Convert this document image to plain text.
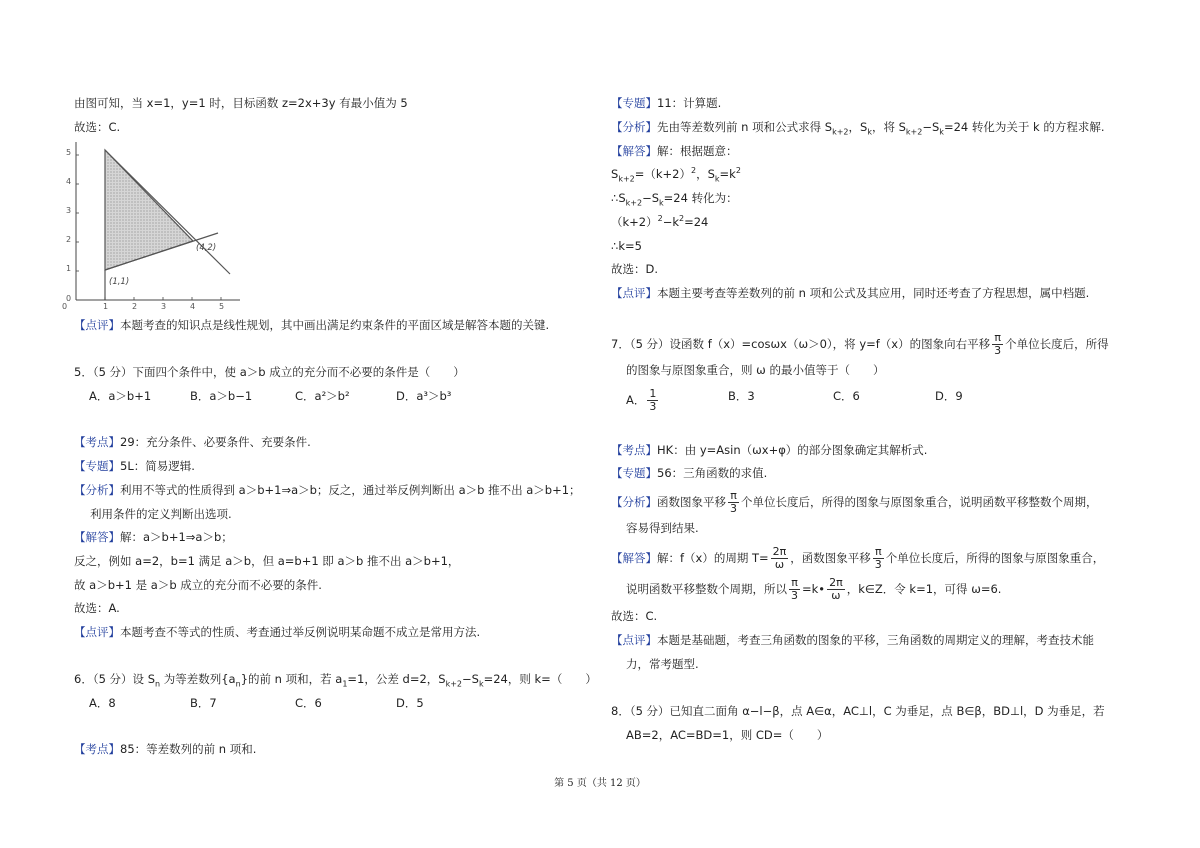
由图可知，当 x=1，y=1 时，目标函数 z=2x+3y 有最小值为 5
故选：C.
5
4
3
2
1
0
0	1	2	3	4	5
(1,1)
(4,2)
【点评】本题考查的知识点是线性规划，其中画出满足约束条件的平面区域是解答本题的关键.
5．（5 分）下面四个条件中，使 a＞b 成立的充分而不必要的条件是（　　）
A．a＞b+1	B．a＞b−1	C．a²＞b²	D．a³＞b³
【考点】29：充分条件、必要条件、充要条件.
【专题】5L：简易逻辑.
【分析】利用不等式的性质得到 a＞b+1⇒a＞b；反之，通过举反例判断出 a＞b 推不出 a＞b+1；
利用条件的定义判断出选项.
【解答】解：a＞b+1⇒a＞b；
反之，例如 a=2，b=1 满足 a＞b，但 a=b+1 即 a＞b 推不出 a＞b+1，
故 a＞b+1 是 a＞b 成立的充分而不必要的条件.
故选：A.
【点评】本题考查不等式的性质、考查通过举反例说明某命题不成立是常用方法.
6．（5 分）设 $S_n$ 为等差数列$\{a_n\}$的前 n 项和，若 $a_1=1$，公差 d=2，$S_{k+2}-S_k=24$，则 k=（　　）
A．8	B．7	C．6	D．5
【考点】85：等差数列的前 n 项和.
【专题】11：计算题.
【分析】先由等差数列前 n 项和公式求得 $S_{k+2}$，$S_k$，将 $S_{k+2}-S_k=24$ 转化为关于 k 的方程求解.
【解答】解：根据题意：
$S_{k+2}=(k+2)^2$，$S_k=k^2$
$\therefore S_{k+2}-S_k=24$ 转化为：
$(k+2)^2-k^2=24$
∴k=5
故选：D.
【点评】本题主要考查等差数列的前 n 项和公式及其应用，同时还考查了方程思想，属中档题.
7．（5 分）设函数 f（x）=cosωx（ω＞0），将 y=f（x）的图象向右平移 $\frac{\pi}{3}$ 个单位长度后，所得
的图象与原图象重合，则 ω 的最小值等于（　　）
A． $\frac{1}{3}$	B．3	C．6	D．9
【考点】HK：由 y=Asin（ωx+φ）的部分图象确定其解析式.
【专题】56：三角函数的求值.
【分析】函数图象平移 $\frac{\pi}{3}$ 个单位长度后，所得的图象与原图象重合，说明函数平移整数个周期，
容易得到结果.
【解答】解：f（x）的周期 $T= \frac{2\pi}{\omega}$ ，函数图象平移 $\frac{\pi}{3}$ 个单位长度后，所得的图象与原图象重合，
说明函数平移整数个周期，所以 $\frac{\pi}{3}$ =k• $\frac{2\pi}{\omega}$ ，k∈Z．令 k=1，可得 ω=6.
故选：C.
【点评】本题是基础题，考查三角函数的图象的平移，三角函数的周期定义的理解，考查技术能
力，常考题型.
8．（5 分）已知直二面角 α−l−β，点 A∈α，AC⊥l，C 为垂足，点 B∈β，BD⊥l，D 为垂足，若
AB=2，AC=BD=1，则 CD=（　　）
第 5 页（共 12 页）
